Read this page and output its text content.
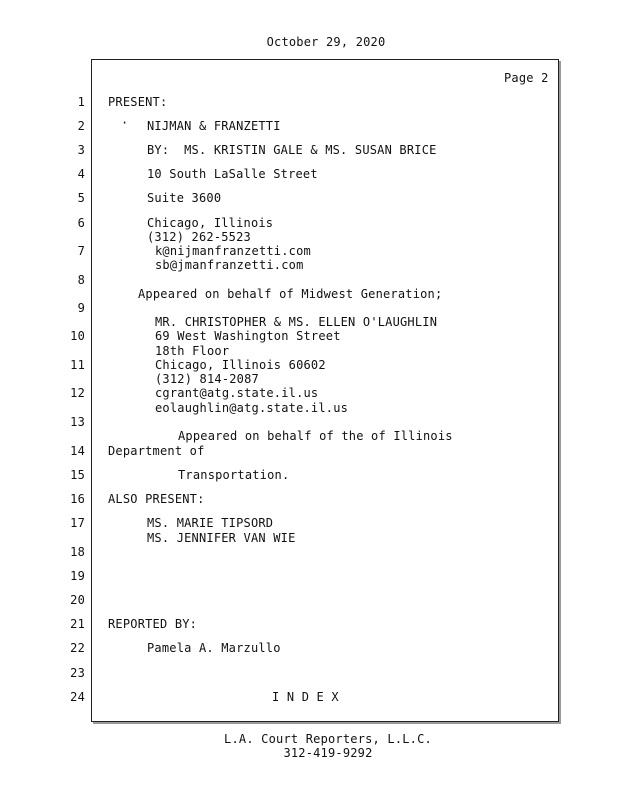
October 29, 2020
Page 2
1
2
3
4
5
6
7
8
9
10
11
12
13
14
15
16
17
18
19
20
21
22
23
24
PRESENT:
· NIJMAN & FRANZETTI
BY:  MS. KRISTIN GALE & MS. SUSAN BRICE
10 South LaSalle Street
Suite 3600
Chicago, Illinois
(312) 262-5523
k@nijmanfranzetti.com
sb@jmanfranzetti.com
Appeared on behalf of Midwest Generation;
MR. CHRISTOPHER & MS. ELLEN O'LAUGHLIN
69 West Washington Street
18th Floor
Chicago, Illinois 60602
(312) 814-2087
cgrant@atg.state.il.us
eolaughlin@atg.state.il.us
Appeared on behalf of the of Illinois
Department of
Transportation.
ALSO PRESENT:
MS. MARIE TIPSORD
MS. JENNIFER VAN WIE
REPORTED BY:
Pamela A. Marzullo
I N D E X
L.A. Court Reporters, L.L.C.
312-419-9292
